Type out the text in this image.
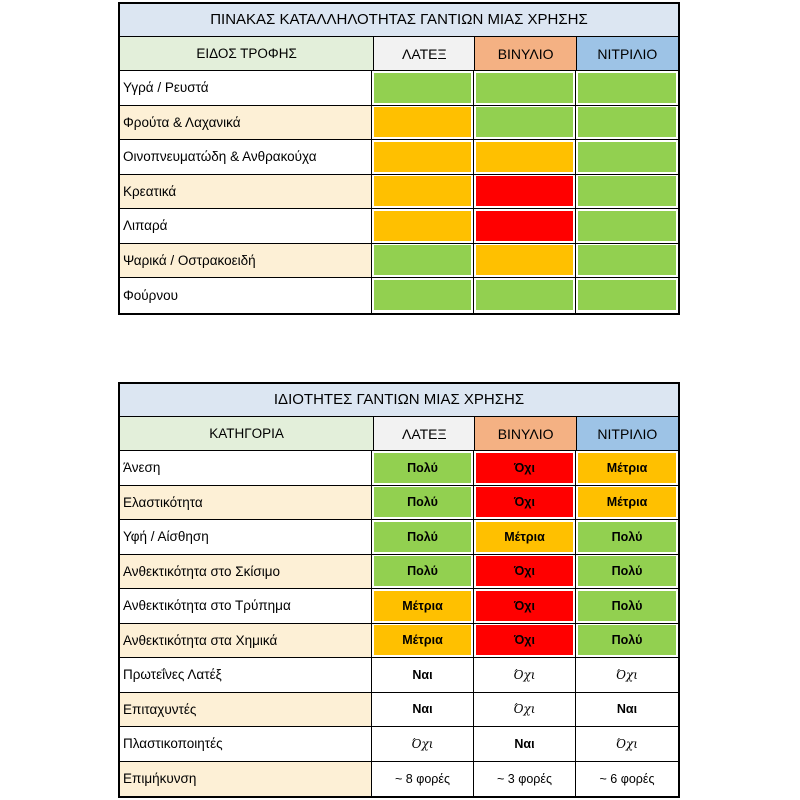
ΠΙΝΑΚΑΣ ΚΑΤΑΛΛΗΛΟΤΗΤΑΣ ΓΑΝΤΙΩΝ ΜΙΑΣ ΧΡΗΣΗΣ
ΕΙΔΟΣ ΤΡΟΦΗΣ	ΛΑΤΕΞ	ΒΙΝΥΛΙΟ	ΝΙΤΡΙΛΙΟ
Υγρά / Ρευστά
Φρούτα & Λαχανικά
Οινοπνευματώδη & Ανθρακούχα
Κρεατικά
Λιπαρά
Ψαρικά / Οστρακοειδή
Φούρνου
ΙΔΙΟΤΗΤΕΣ ΓΑΝΤΙΩΝ ΜΙΑΣ ΧΡΗΣΗΣ
ΚΑΤΗΓΟΡΙΑ	ΛΑΤΕΞ	ΒΙΝΥΛΙΟ	ΝΙΤΡΙΛΙΟ
Άνεση	Πολύ	Όχι	Μέτρια
Ελαστικότητα	Πολύ	Όχι	Μέτρια
Υφή / Αίσθηση	Πολύ	Μέτρια	Πολύ
Ανθεκτικότητα στο Σκίσιμο	Πολύ	Όχι	Πολύ
Ανθεκτικότητα στο Τρύπημα	Μέτρια	Όχι	Πολύ
Ανθεκτικότητα στα Χημικά	Μέτρια	Όχι	Πολύ
Πρωτεΐνες Λατέξ	Ναι	Όχι	Όχι
Επιταχυντές	Ναι	Όχι	Ναι
Πλαστικοποιητές	Όχι	Ναι	Όχι
Επιμήκυνση	~ 8 φορές	~ 3 φορές	~ 6 φορές
